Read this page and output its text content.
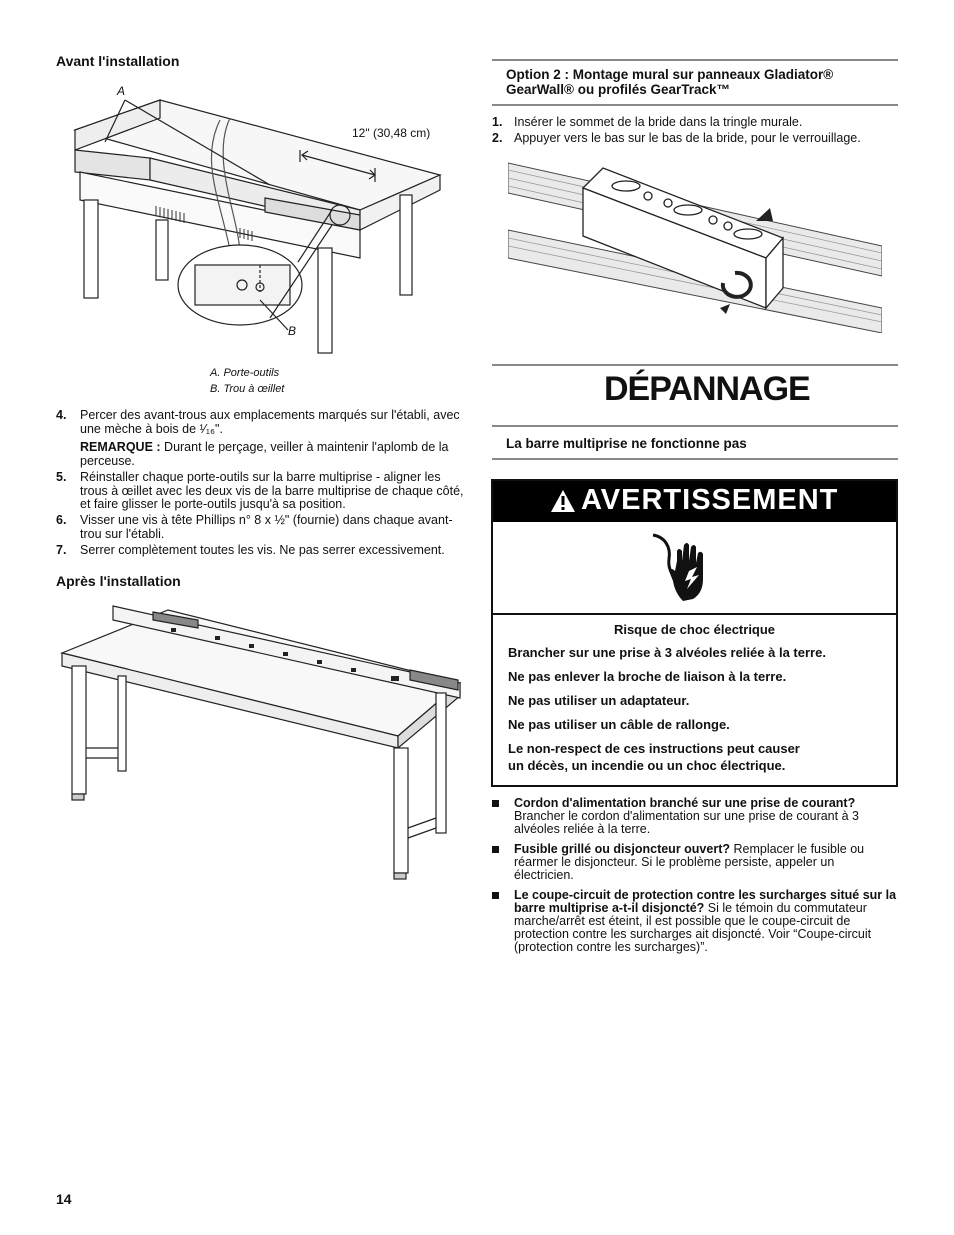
Avant l'installation
A
12" (30,48 cm)
B
A. Porte-outils
B. Trou à œillet
4. Percer des avant-trous aux emplacements marqués sur l'établi, avec une mèche à bois de ¹⁄₁₆".

REMARQUE : Durant le perçage, veiller à maintenir l'aplomb de la perceuse.

5. Réinstaller chaque porte-outils sur la barre multiprise - aligner les trous à œillet avec les deux vis de la barre multiprise de chaque côté, et faire glisser le porte-outils jusqu'à sa position.

6. Visser une vis à tête Phillips n° 8 x ½" (fournie) dans chaque avant-trou sur l'établi.

7. Serrer complètement toutes les vis. Ne pas serrer excessivement.

Après l'installation
Option 2 : Montage mural sur panneaux Gladiator®
GearWall® ou profilés GearTrack™
1. Insérer le sommet de la bride dans la tringle murale.
2. Appuyer vers le bas sur le bas de la bride, pour le verrouillage.
DÉPANNAGE
La barre multiprise ne fonctionne pas
AVERTISSEMENT
Risque de choc électrique
Brancher sur une prise à 3 alvéoles reliée à la terre.
Ne pas enlever la broche de liaison à la terre.
Ne pas utiliser un adaptateur.
Ne pas utiliser un câble de rallonge.
Le non-respect de ces instructions peut causer
un décès, un incendie ou un choc électrique.
Cordon d'alimentation branché sur une prise de courant? Brancher le cordon d'alimentation sur une prise de courant à 3 alvéoles reliée à la terre.
Fusible grillé ou disjoncteur ouvert? Remplacer le fusible ou réarmer le disjoncteur. Si le problème persiste, appeler un électricien.
Le coupe-circuit de protection contre les surcharges situé sur la barre multiprise a-t-il disjoncté? Si le témoin du commutateur marche/arrêt est éteint, il est possible que le coupe-circuit de protection contre les surcharges ait disjoncté. Voir “Coupe-circuit (protection contre les surcharges)”.
14
